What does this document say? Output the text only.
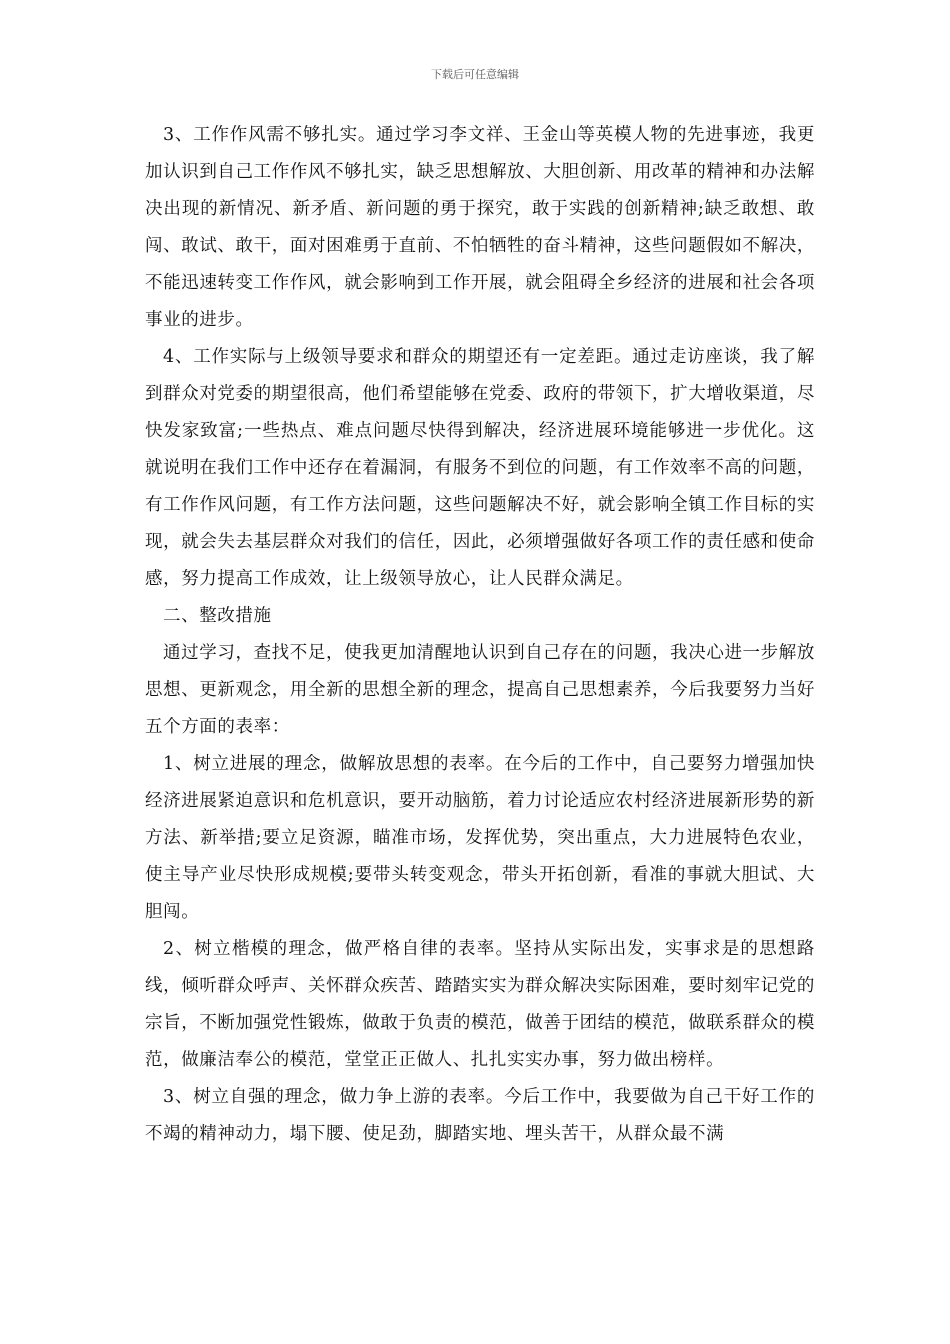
下载后可任意编辑

3、工作作风需不够扎实。通过学习李文祥、王金山等英模人物的先进事迹，我更加认识到自己工作作风不够扎实，缺乏思想解放、大胆创新、用改革的精神和办法解决出现的新情况、新矛盾、新问题的勇于探究，敢于实践的创新精神;缺乏敢想、敢闯、敢试、敢干，面对困难勇于直前、不怕牺牲的奋斗精神，这些问题假如不解决，不能迅速转变工作作风，就会影响到工作开展，就会阻碍全乡经济的进展和社会各项事业的进步。

4、工作实际与上级领导要求和群众的期望还有一定差距。通过走访座谈，我了解到群众对党委的期望很高，他们希望能够在党委、政府的带领下，扩大增收渠道，尽快发家致富;一些热点、难点问题尽快得到解决，经济进展环境能够进一步优化。这就说明在我们工作中还存在着漏洞，有服务不到位的问题，有工作效率不高的问题，有工作作风问题，有工作方法问题，这些问题解决不好，就会影响全镇工作目标的实现，就会失去基层群众对我们的信任，因此，必须增强做好各项工作的责任感和使命感，努力提高工作成效，让上级领导放心，让人民群众满足。

二、整改措施

通过学习，查找不足，使我更加清醒地认识到自己存在的问题，我决心进一步解放思想、更新观念，用全新的思想全新的理念，提高自己思想素养，今后我要努力当好五个方面的表率：

1、树立进展的理念，做解放思想的表率。在今后的工作中，自己要努力增强加快经济进展紧迫意识和危机意识，要开动脑筋，着力讨论适应农村经济进展新形势的新方法、新举措;要立足资源，瞄准市场，发挥优势，突出重点，大力进展特色农业，使主导产业尽快形成规模;要带头转变观念，带头开拓创新，看准的事就大胆试、大胆闯。

2、树立楷模的理念，做严格自律的表率。坚持从实际出发，实事求是的思想路线，倾听群众呼声、关怀群众疾苦、踏踏实实为群众解决实际困难，要时刻牢记党的宗旨，不断加强党性锻炼，做敢于负责的模范，做善于团结的模范，做联系群众的模范，做廉洁奉公的模范，堂堂正正做人、扎扎实实办事，努力做出榜样。

3、树立自强的理念，做力争上游的表率。今后工作中，我要做为自己干好工作的不竭的精神动力，塌下腰、使足劲，脚踏实地、埋头苦干，从群众最不满
